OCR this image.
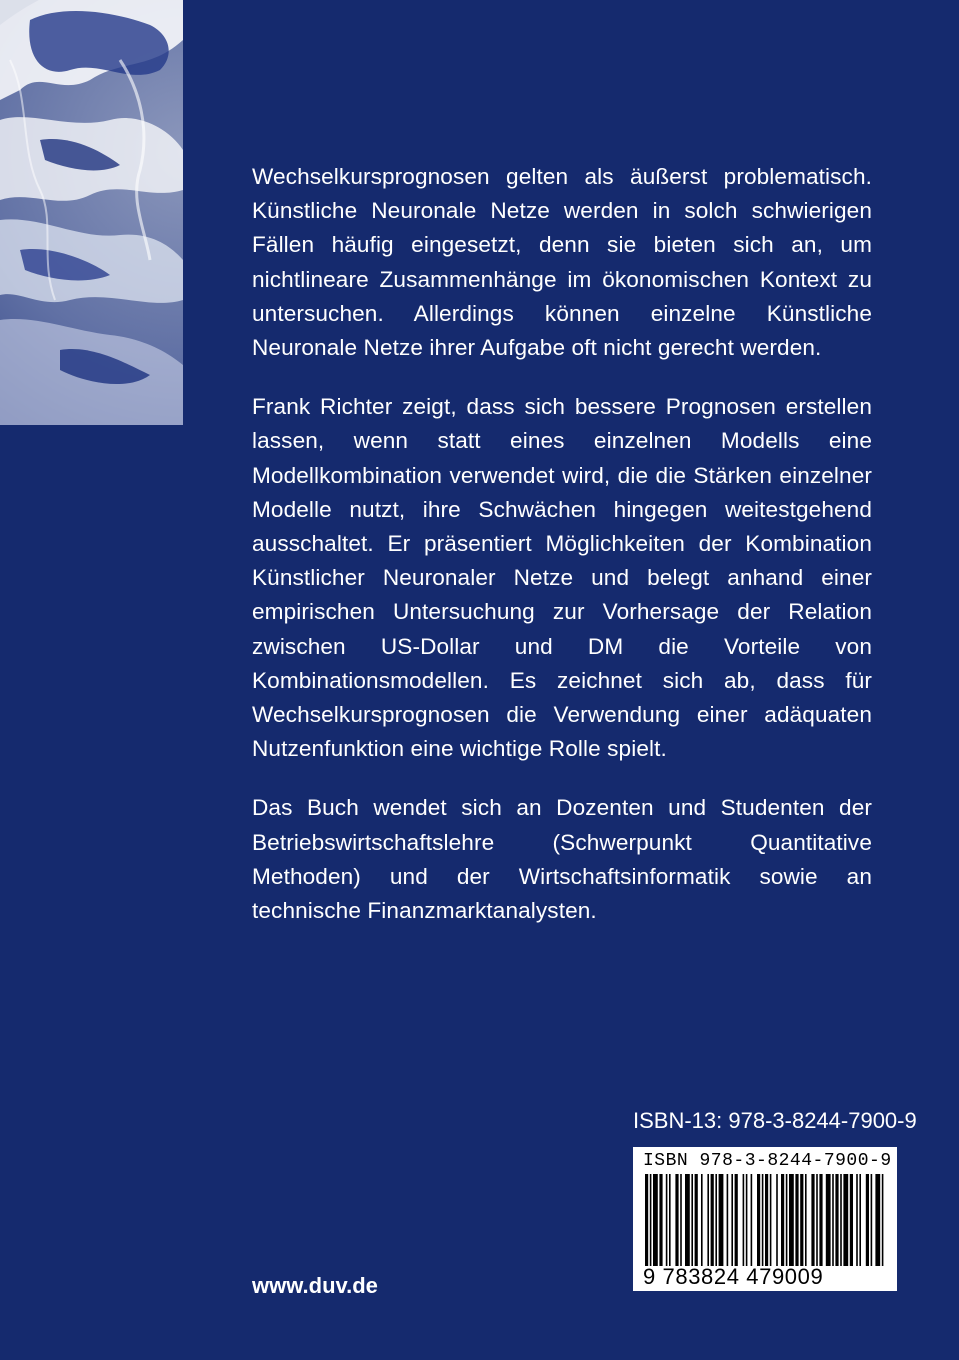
Wechselkursprognosen gelten als äußerst problematisch. Künstliche Neuronale Netze werden in solch schwierigen Fällen häufig eingesetzt, denn sie bieten sich an, um nichtlineare Zusammenhänge im ökonomischen Kontext zu untersuchen. Allerdings können einzelne Künstliche Neuronale Netze ihrer Aufgabe oft nicht gerecht werden.

Frank Richter zeigt, dass sich bessere Prognosen erstellen lassen, wenn statt eines einzelnen Modells eine Modellkombination verwendet wird, die die Stärken einzelner Modelle nutzt, ihre Schwächen hingegen weitestgehend ausschaltet. Er präsentiert Möglichkeiten der Kombination Künstlicher Neuronaler Netze und belegt anhand einer empirischen Untersuchung zur Vorhersage der Relation zwischen US-Dollar und DM die Vorteile von Kombinationsmodellen. Es zeichnet sich ab, dass für Wechselkursprognosen die Verwendung einer adäquaten Nutzenfunktion eine wichtige Rolle spielt.

Das Buch wendet sich an Dozenten und Studenten der Betriebswirtschaftslehre (Schwerpunkt Quantitative Methoden) und der Wirtschaftsinformatik sowie an technische Finanzmarktanalysten.

ISBN-13: 978-3-8244-7900-9
ISBN 978-3-8244-7900-9
9 783824 479009
www.duv.de
